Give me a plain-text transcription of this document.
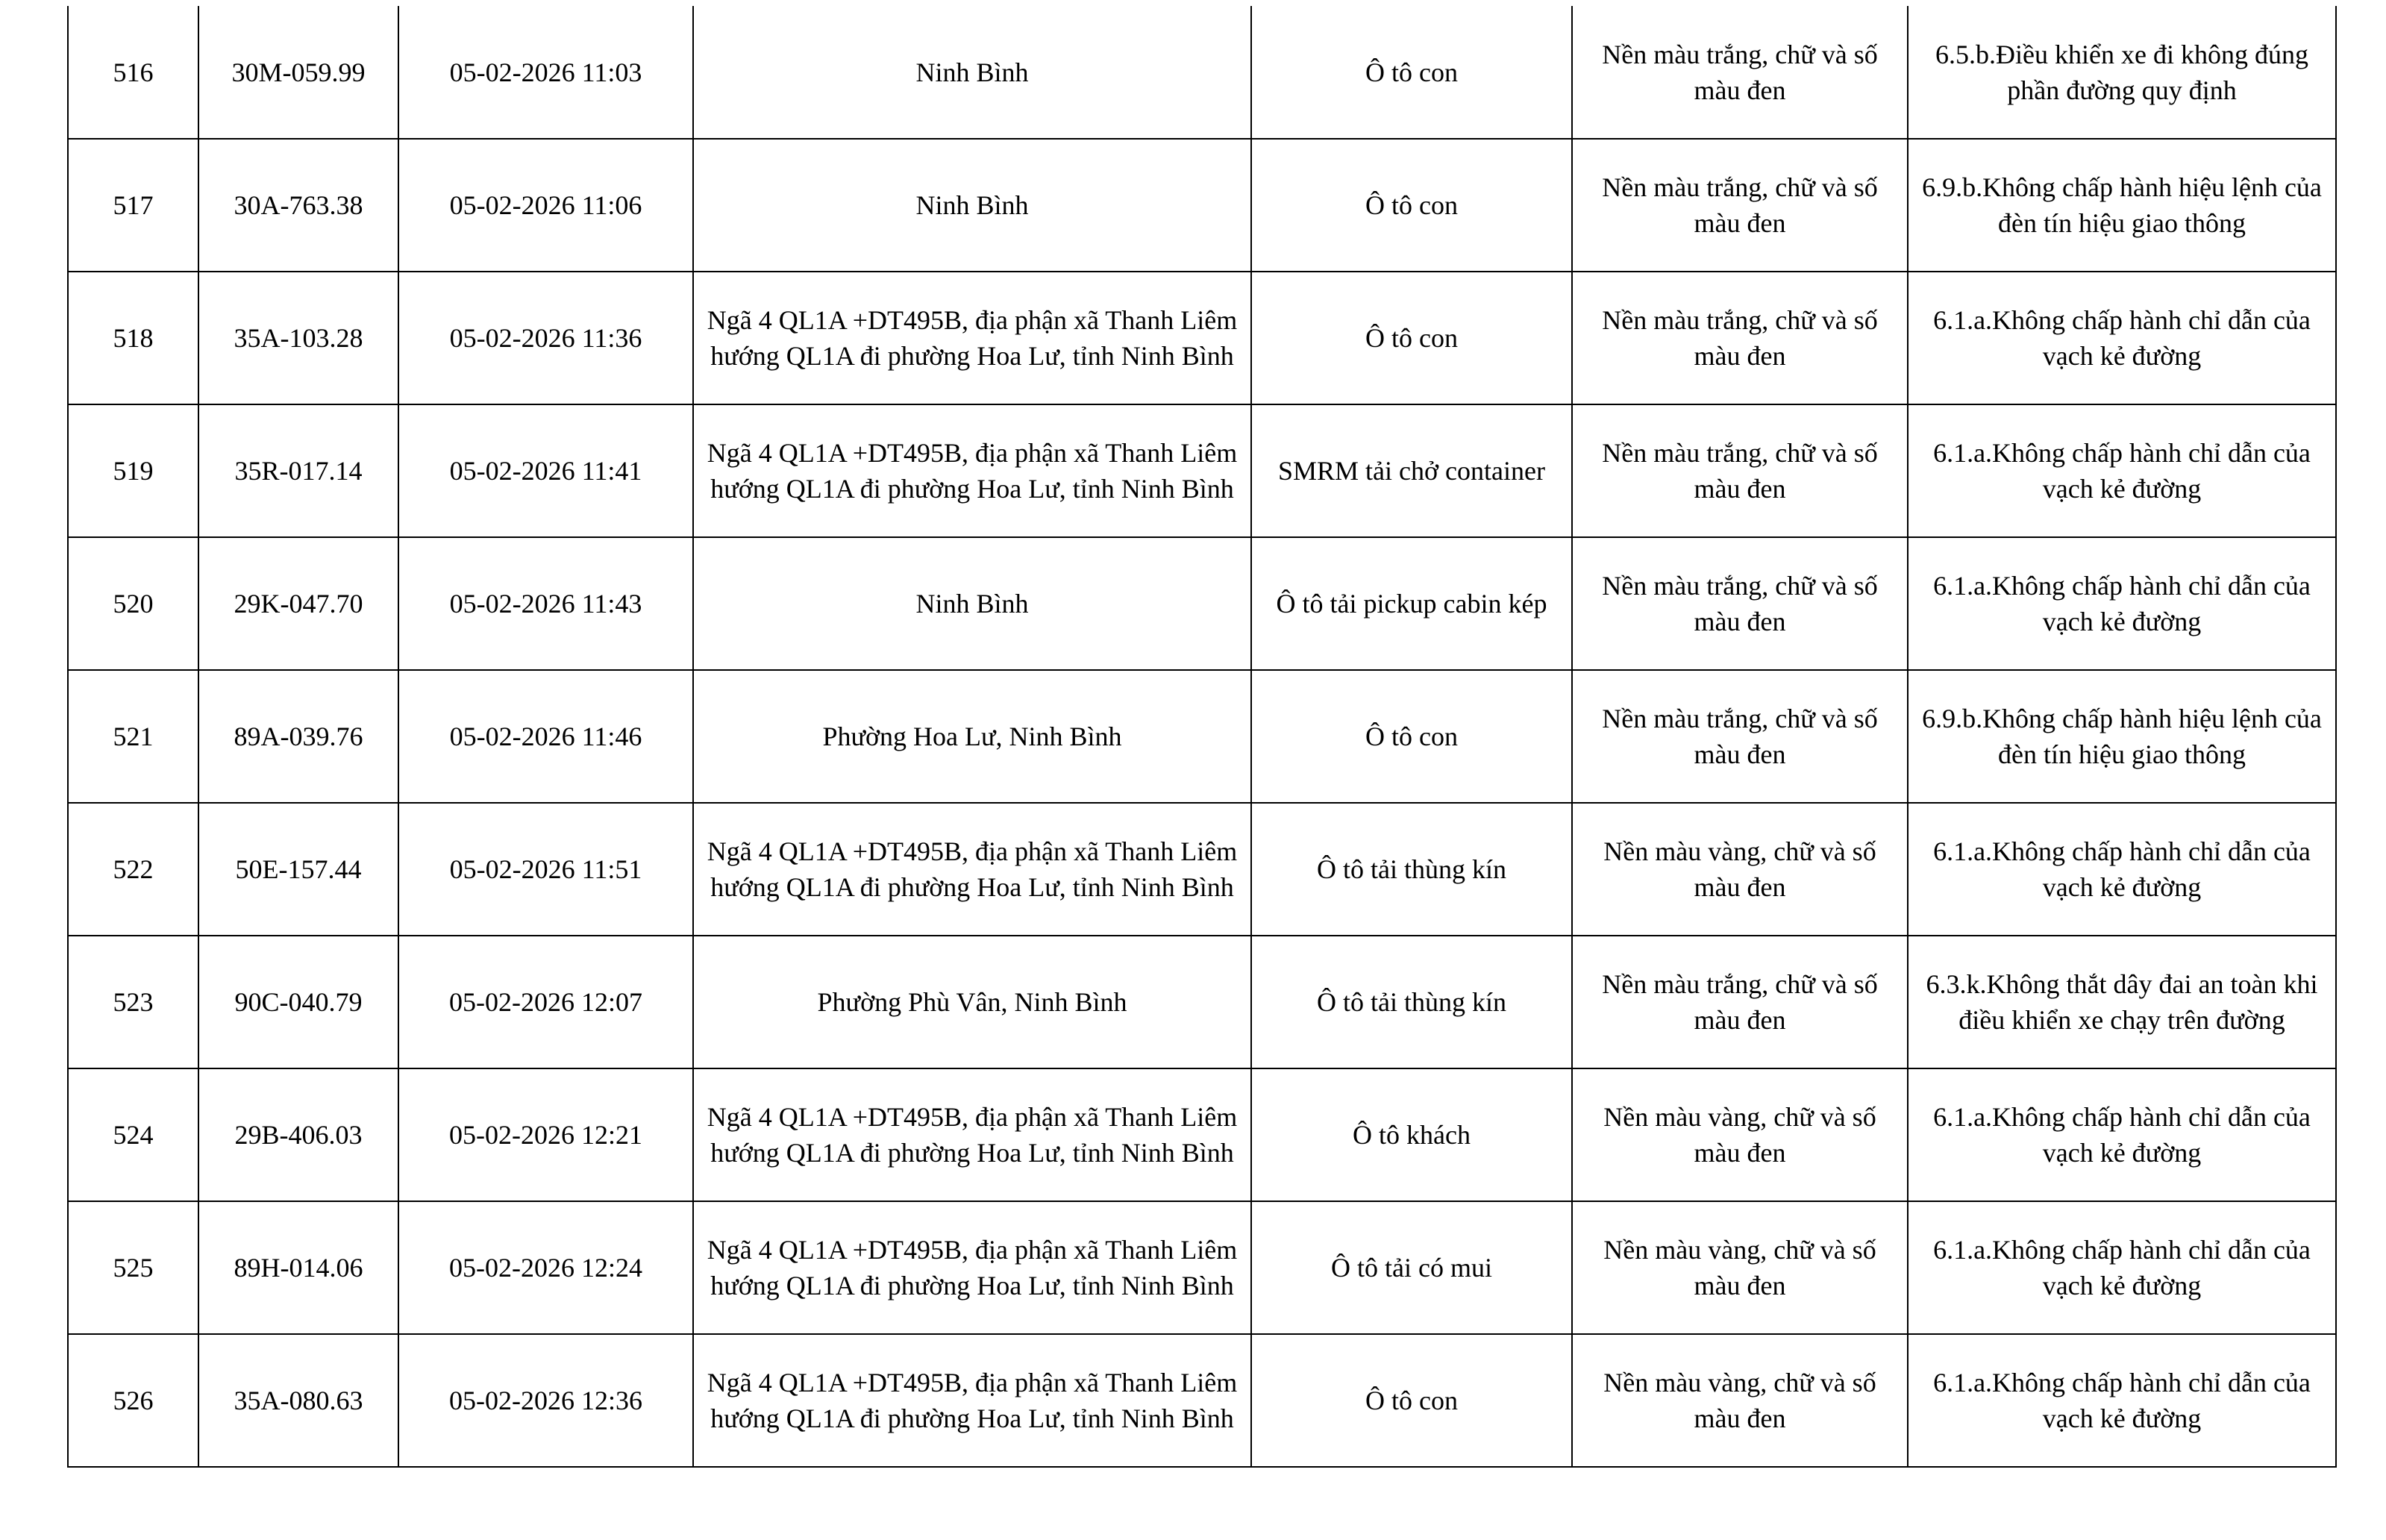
516	30M-059.99	05-02-2026 11:03	Ninh Bình	Ô tô con	Nền màu trắng, chữ và số màu đen	6.5.b.Điều khiển xe đi không đúng phần đường quy định
517	30A-763.38	05-02-2026 11:06	Ninh Bình	Ô tô con	Nền màu trắng, chữ và số màu đen	6.9.b.Không chấp hành hiệu lệnh của đèn tín hiệu giao thông
518	35A-103.28	05-02-2026 11:36	Ngã 4 QL1A +DT495B, địa phận xã Thanh Liêm hướng QL1A đi phường Hoa Lư, tỉnh Ninh Bình	Ô tô con	Nền màu trắng, chữ và số màu đen	6.1.a.Không chấp hành chỉ dẫn của vạch kẻ đường
519	35R-017.14	05-02-2026 11:41	Ngã 4 QL1A +DT495B, địa phận xã Thanh Liêm hướng QL1A đi phường Hoa Lư, tỉnh Ninh Bình	SMRM tải chở container	Nền màu trắng, chữ và số màu đen	6.1.a.Không chấp hành chỉ dẫn của vạch kẻ đường
520	29K-047.70	05-02-2026 11:43	Ninh Bình	Ô tô tải pickup cabin kép	Nền màu trắng, chữ và số màu đen	6.1.a.Không chấp hành chỉ dẫn của vạch kẻ đường
521	89A-039.76	05-02-2026 11:46	Phường Hoa Lư, Ninh Bình	Ô tô con	Nền màu trắng, chữ và số màu đen	6.9.b.Không chấp hành hiệu lệnh của đèn tín hiệu giao thông
522	50E-157.44	05-02-2026 11:51	Ngã 4 QL1A +DT495B, địa phận xã Thanh Liêm hướng QL1A đi phường Hoa Lư, tỉnh Ninh Bình	Ô tô tải thùng kín	Nền màu vàng, chữ và số màu đen	6.1.a.Không chấp hành chỉ dẫn của vạch kẻ đường
523	90C-040.79	05-02-2026 12:07	Phường Phù Vân, Ninh Bình	Ô tô tải thùng kín	Nền màu trắng, chữ và số màu đen	6.3.k.Không thắt dây đai an toàn khi điều khiển xe chạy trên đường
524	29B-406.03	05-02-2026 12:21	Ngã 4 QL1A +DT495B, địa phận xã Thanh Liêm hướng QL1A đi phường Hoa Lư, tỉnh Ninh Bình	Ô tô khách	Nền màu vàng, chữ và số màu đen	6.1.a.Không chấp hành chỉ dẫn của vạch kẻ đường
525	89H-014.06	05-02-2026 12:24	Ngã 4 QL1A +DT495B, địa phận xã Thanh Liêm hướng QL1A đi phường Hoa Lư, tỉnh Ninh Bình	Ô tô tải có mui	Nền màu vàng, chữ và số màu đen	6.1.a.Không chấp hành chỉ dẫn của vạch kẻ đường
526	35A-080.63	05-02-2026 12:36	Ngã 4 QL1A +DT495B, địa phận xã Thanh Liêm hướng QL1A đi phường Hoa Lư, tỉnh Ninh Bình	Ô tô con	Nền màu vàng, chữ và số màu đen	6.1.a.Không chấp hành chỉ dẫn của vạch kẻ đường
